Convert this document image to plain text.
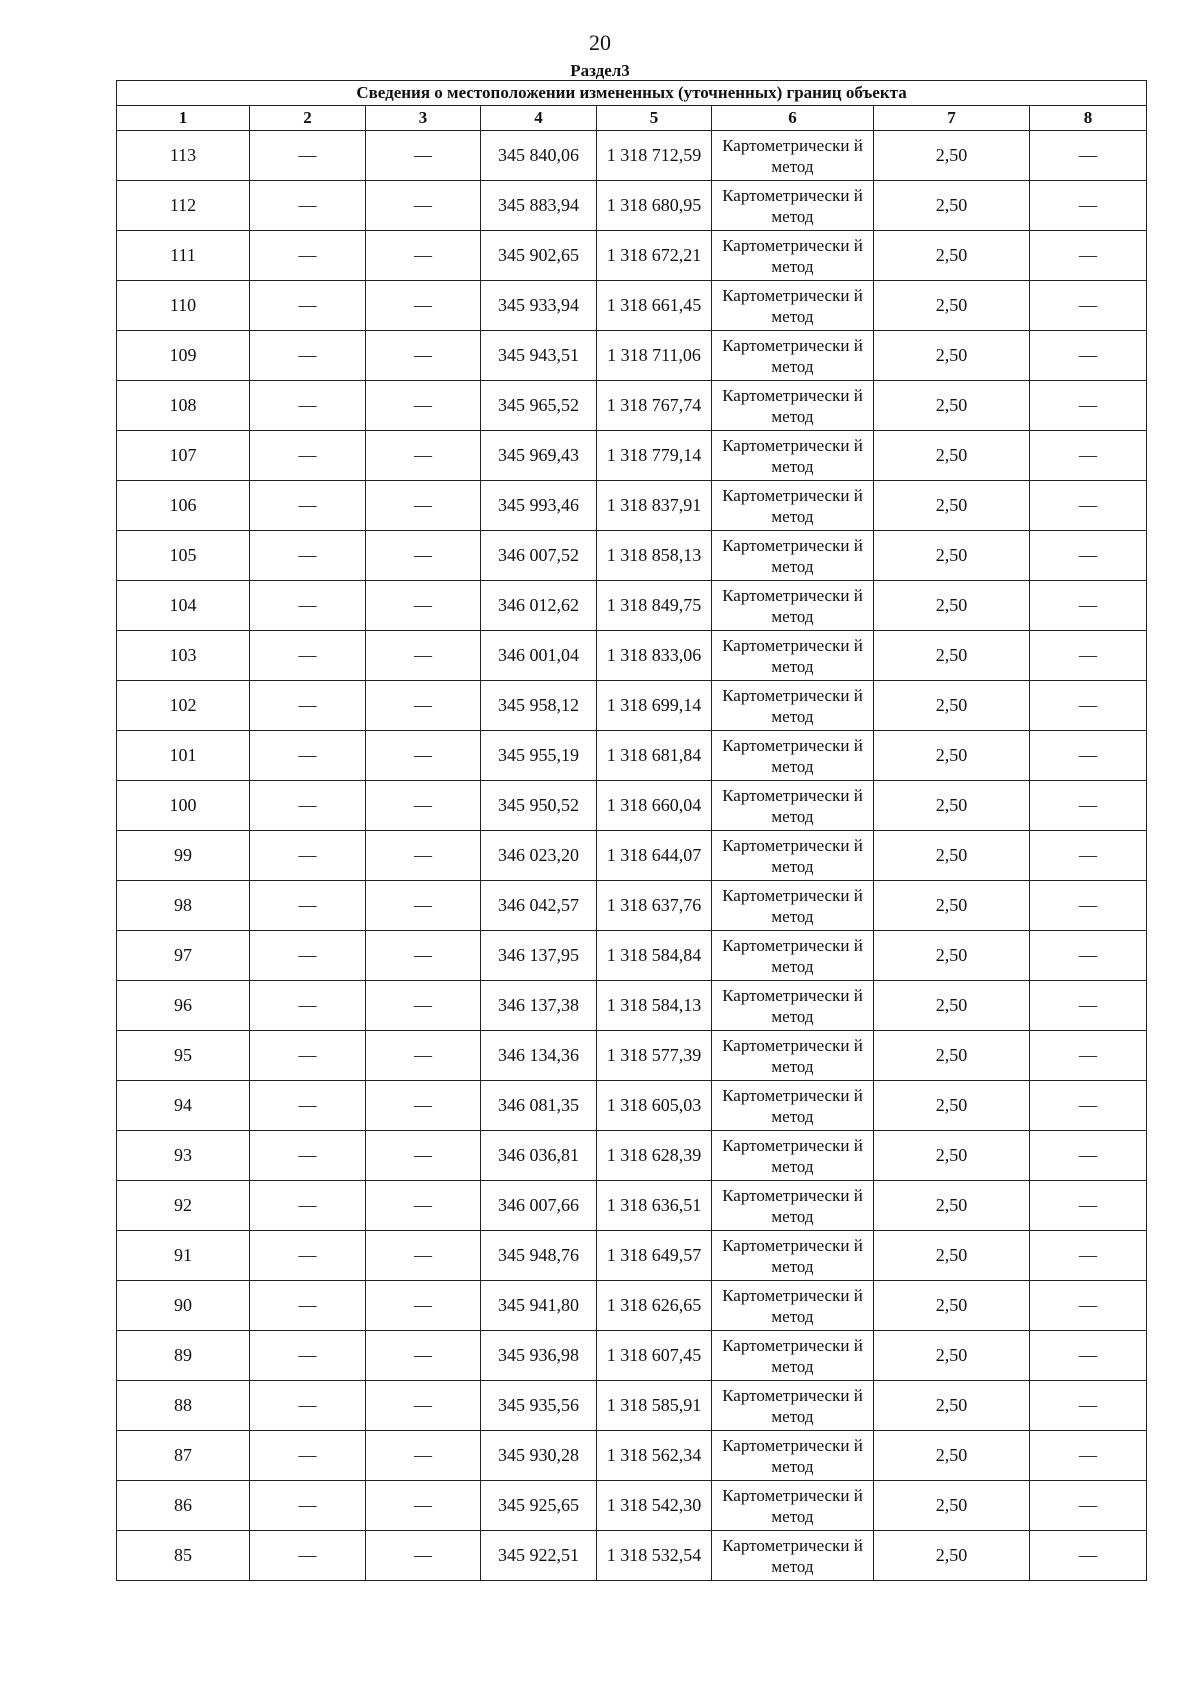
20
Раздел3
Сведения о местоположении измененных (уточненных) границ объекта							
1	2	3	4	5	6	7	8
113	—	—	345 840,06	1 318 712,59	Картометрически й метод	2,50	—
112	—	—	345 883,94	1 318 680,95	Картометрически й метод	2,50	—
111	—	—	345 902,65	1 318 672,21	Картометрически й метод	2,50	—
110	—	—	345 933,94	1 318 661,45	Картометрически й метод	2,50	—
109	—	—	345 943,51	1 318 711,06	Картометрически й метод	2,50	—
108	—	—	345 965,52	1 318 767,74	Картометрически й метод	2,50	—
107	—	—	345 969,43	1 318 779,14	Картометрически й метод	2,50	—
106	—	—	345 993,46	1 318 837,91	Картометрически й метод	2,50	—
105	—	—	346 007,52	1 318 858,13	Картометрически й метод	2,50	—
104	—	—	346 012,62	1 318 849,75	Картометрически й метод	2,50	—
103	—	—	346 001,04	1 318 833,06	Картометрически й метод	2,50	—
102	—	—	345 958,12	1 318 699,14	Картометрически й метод	2,50	—
101	—	—	345 955,19	1 318 681,84	Картометрически й метод	2,50	—
100	—	—	345 950,52	1 318 660,04	Картометрически й метод	2,50	—
99	—	—	346 023,20	1 318 644,07	Картометрически й метод	2,50	—
98	—	—	346 042,57	1 318 637,76	Картометрически й метод	2,50	—
97	—	—	346 137,95	1 318 584,84	Картометрически й метод	2,50	—
96	—	—	346 137,38	1 318 584,13	Картометрически й метод	2,50	—
95	—	—	346 134,36	1 318 577,39	Картометрически й метод	2,50	—
94	—	—	346 081,35	1 318 605,03	Картометрически й метод	2,50	—
93	—	—	346 036,81	1 318 628,39	Картометрически й метод	2,50	—
92	—	—	346 007,66	1 318 636,51	Картометрически й метод	2,50	—
91	—	—	345 948,76	1 318 649,57	Картометрически й метод	2,50	—
90	—	—	345 941,80	1 318 626,65	Картометрически й метод	2,50	—
89	—	—	345 936,98	1 318 607,45	Картометрически й метод	2,50	—
88	—	—	345 935,56	1 318 585,91	Картометрически й метод	2,50	—
87	—	—	345 930,28	1 318 562,34	Картометрически й метод	2,50	—
86	—	—	345 925,65	1 318 542,30	Картометрически й метод	2,50	—
85	—	—	345 922,51	1 318 532,54	Картометрически й метод	2,50	—
